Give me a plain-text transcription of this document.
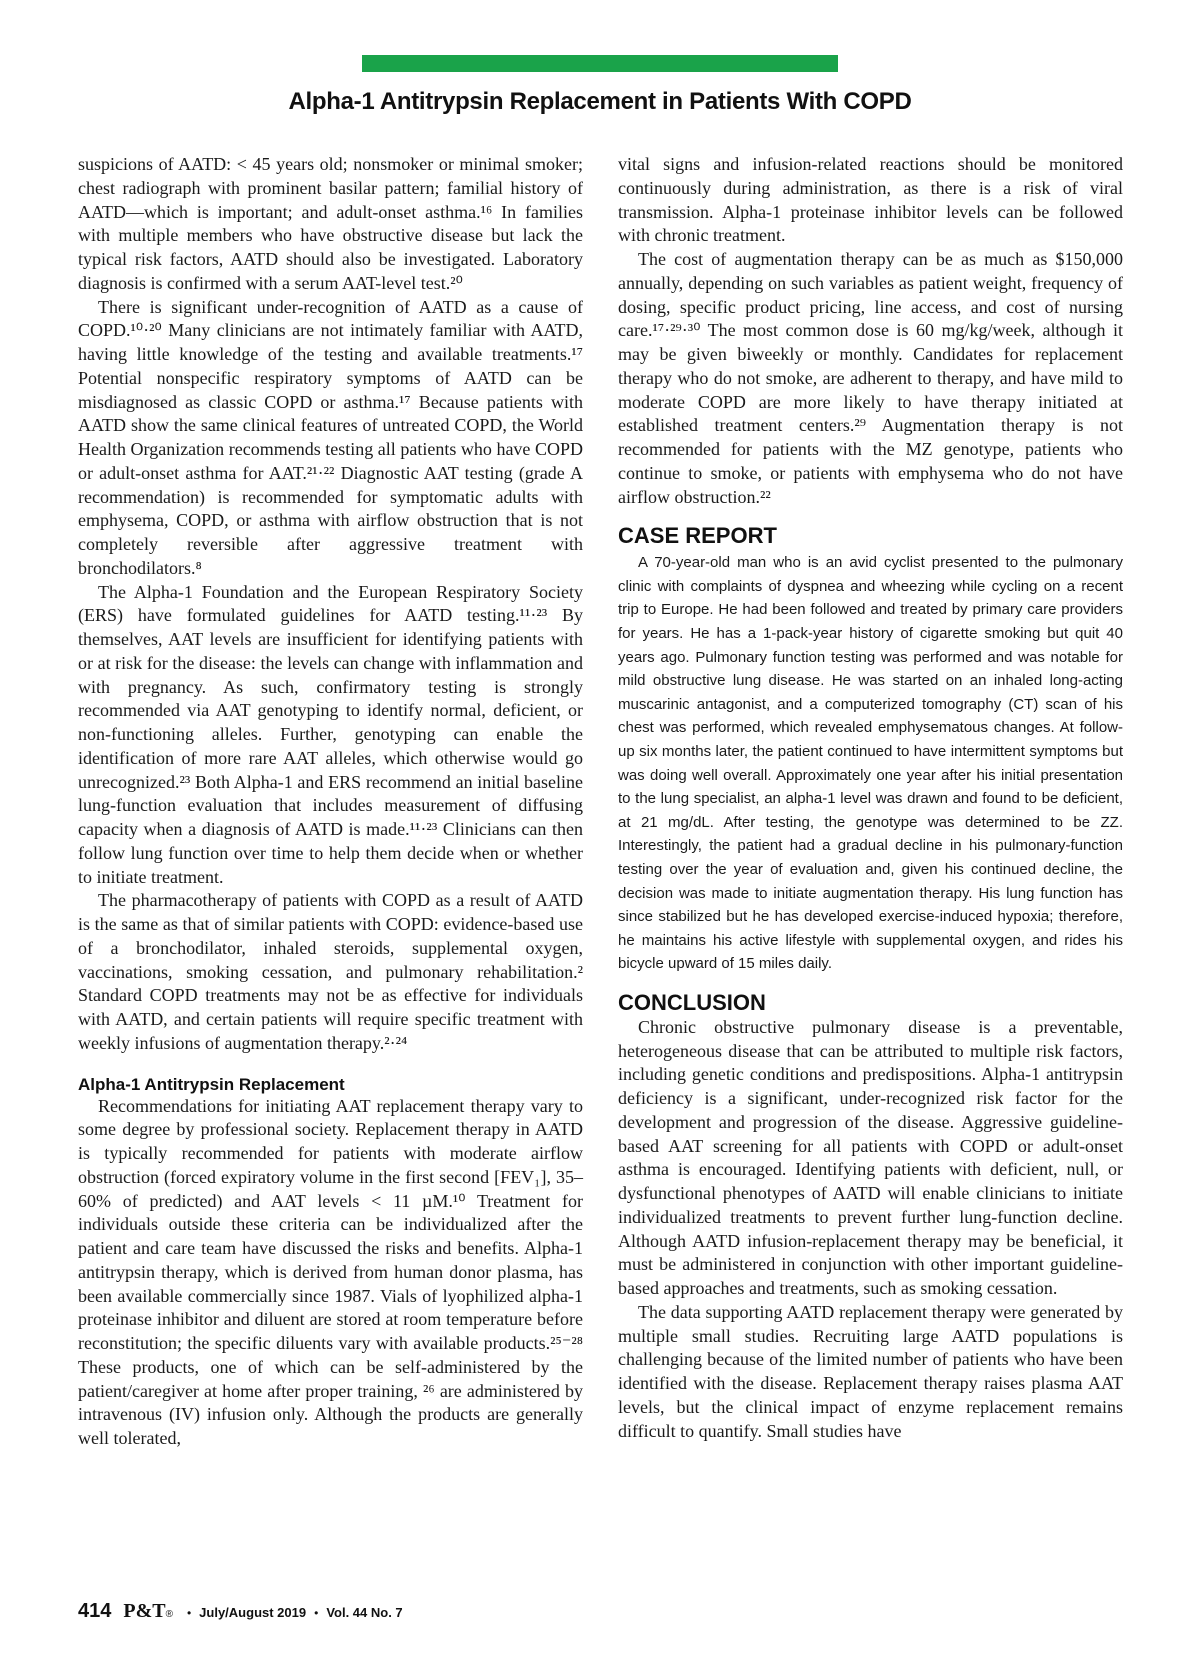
Alpha-1 Antitrypsin Replacement in Patients With COPD

suspicions of AATD: < 45 years old; nonsmoker or minimal smoker; chest radiograph with prominent basilar pattern; familial history of AATD—which is important; and adult-onset asthma.¹⁶ In families with multiple members who have obstructive disease but lack the typical risk factors, AATD should also be investigated. Laboratory diagnosis is confirmed with a serum AAT-level test.²⁰

There is significant under-recognition of AATD as a cause of COPD.¹⁰·²⁰ Many clinicians are not intimately familiar with AATD, having little knowledge of the testing and available treatments.¹⁷ Potential nonspecific respiratory symptoms of AATD can be misdiagnosed as classic COPD or asthma.¹⁷ Because patients with AATD show the same clinical features of untreated COPD, the World Health Organization recommends testing all patients who have COPD or adult-onset asthma for AAT.²¹·²² Diagnostic AAT testing (grade A recommendation) is recommended for symptomatic adults with emphysema, COPD, or asthma with airflow obstruction that is not completely reversible after aggressive treatment with bronchodilators.⁸

The Alpha-1 Foundation and the European Respiratory Society (ERS) have formulated guidelines for AATD testing.¹¹·²³ By themselves, AAT levels are insufficient for identifying patients with or at risk for the disease: the levels can change with inflammation and with pregnancy. As such, confirmatory testing is strongly recommended via AAT genotyping to identify normal, deficient, or non-functioning alleles. Further, genotyping can enable the identification of more rare AAT alleles, which otherwise would go unrecognized.²³ Both Alpha-1 and ERS recommend an initial baseline lung-function evaluation that includes measurement of diffusing capacity when a diagnosis of AATD is made.¹¹·²³ Clinicians can then follow lung function over time to help them decide when or whether to initiate treatment.

The pharmacotherapy of patients with COPD as a result of AATD is the same as that of similar patients with COPD: evidence-based use of a bronchodilator, inhaled steroids, supplemental oxygen, vaccinations, smoking cessation, and pulmonary rehabilitation.² Standard COPD treatments may not be as effective for individuals with AATD, and certain patients will require specific treatment with weekly infusions of augmentation therapy.²·²⁴

Alpha-1 Antitrypsin Replacement

Recommendations for initiating AAT replacement therapy vary to some degree by professional society. Replacement therapy in AATD is typically recommended for patients with moderate airflow obstruction (forced expiratory volume in the first second [FEV₁], 35–60% of predicted) and AAT levels < 11 µM.¹⁰ Treatment for individuals outside these criteria can be individualized after the patient and care team have discussed the risks and benefits. Alpha-1 antitrypsin therapy, which is derived from human donor plasma, has been available commercially since 1987. Vials of lyophilized alpha-1 proteinase inhibitor and diluent are stored at room temperature before reconstitution; the specific diluents vary with available products.²⁵⁻²⁸ These products, one of which can be self-administered by the patient/caregiver at home after proper training, ²⁶ are administered by intravenous (IV) infusion only. Although the products are generally well tolerated,

vital signs and infusion-related reactions should be monitored continuously during administration, as there is a risk of viral transmission. Alpha-1 proteinase inhibitor levels can be followed with chronic treatment.

The cost of augmentation therapy can be as much as $150,000 annually, depending on such variables as patient weight, frequency of dosing, specific product pricing, line access, and cost of nursing care.¹⁷·²⁹·³⁰ The most common dose is 60 mg/kg/week, although it may be given biweekly or monthly. Candidates for replacement therapy who do not smoke, are adherent to therapy, and have mild to moderate COPD are more likely to have therapy initiated at established treatment centers.²⁹ Augmentation therapy is not recommended for patients with the MZ genotype, patients who continue to smoke, or patients with emphysema who do not have airflow obstruction.²²

CASE REPORT

A 70-year-old man who is an avid cyclist presented to the pulmonary clinic with complaints of dyspnea and wheezing while cycling on a recent trip to Europe. He had been followed and treated by primary care providers for years. He has a 1-pack-year history of cigarette smoking but quit 40 years ago. Pulmonary function testing was performed and was notable for mild obstructive lung disease. He was started on an inhaled long-acting muscarinic antagonist, and a computerized tomography (CT) scan of his chest was performed, which revealed emphysematous changes. At follow-up six months later, the patient continued to have intermittent symptoms but was doing well overall. Approximately one year after his initial presentation to the lung specialist, an alpha-1 level was drawn and found to be deficient, at 21 mg/dL. After testing, the genotype was determined to be ZZ. Interestingly, the patient had a gradual decline in his pulmonary-function testing over the year of evaluation and, given his continued decline, the decision was made to initiate augmentation therapy. His lung function has since stabilized but he has developed exercise-induced hypoxia; therefore, he maintains his active lifestyle with supplemental oxygen, and rides his bicycle upward of 15 miles daily.

CONCLUSION

Chronic obstructive pulmonary disease is a preventable, heterogeneous disease that can be attributed to multiple risk factors, including genetic conditions and predispositions. Alpha-1 antitrypsin deficiency is a significant, under-recognized risk factor for the development and progression of the disease. Aggressive guideline-based AAT screening for all patients with COPD or adult-onset asthma is encouraged. Identifying patients with deficient, null, or dysfunctional phenotypes of AATD will enable clinicians to initiate individualized treatments to prevent further lung-function decline. Although AATD infusion-replacement therapy may be beneficial, it must be administered in conjunction with other important guideline-based approaches and treatments, such as smoking cessation.

The data supporting AATD replacement therapy were generated by multiple small studies. Recruiting large AATD populations is challenging because of the limited number of patients who have been identified with the disease. Replacement therapy raises plasma AAT levels, but the clinical impact of enzyme replacement remains difficult to quantify. Small studies have

414 P&T ® • July/August 2019 • Vol. 44 No. 7
